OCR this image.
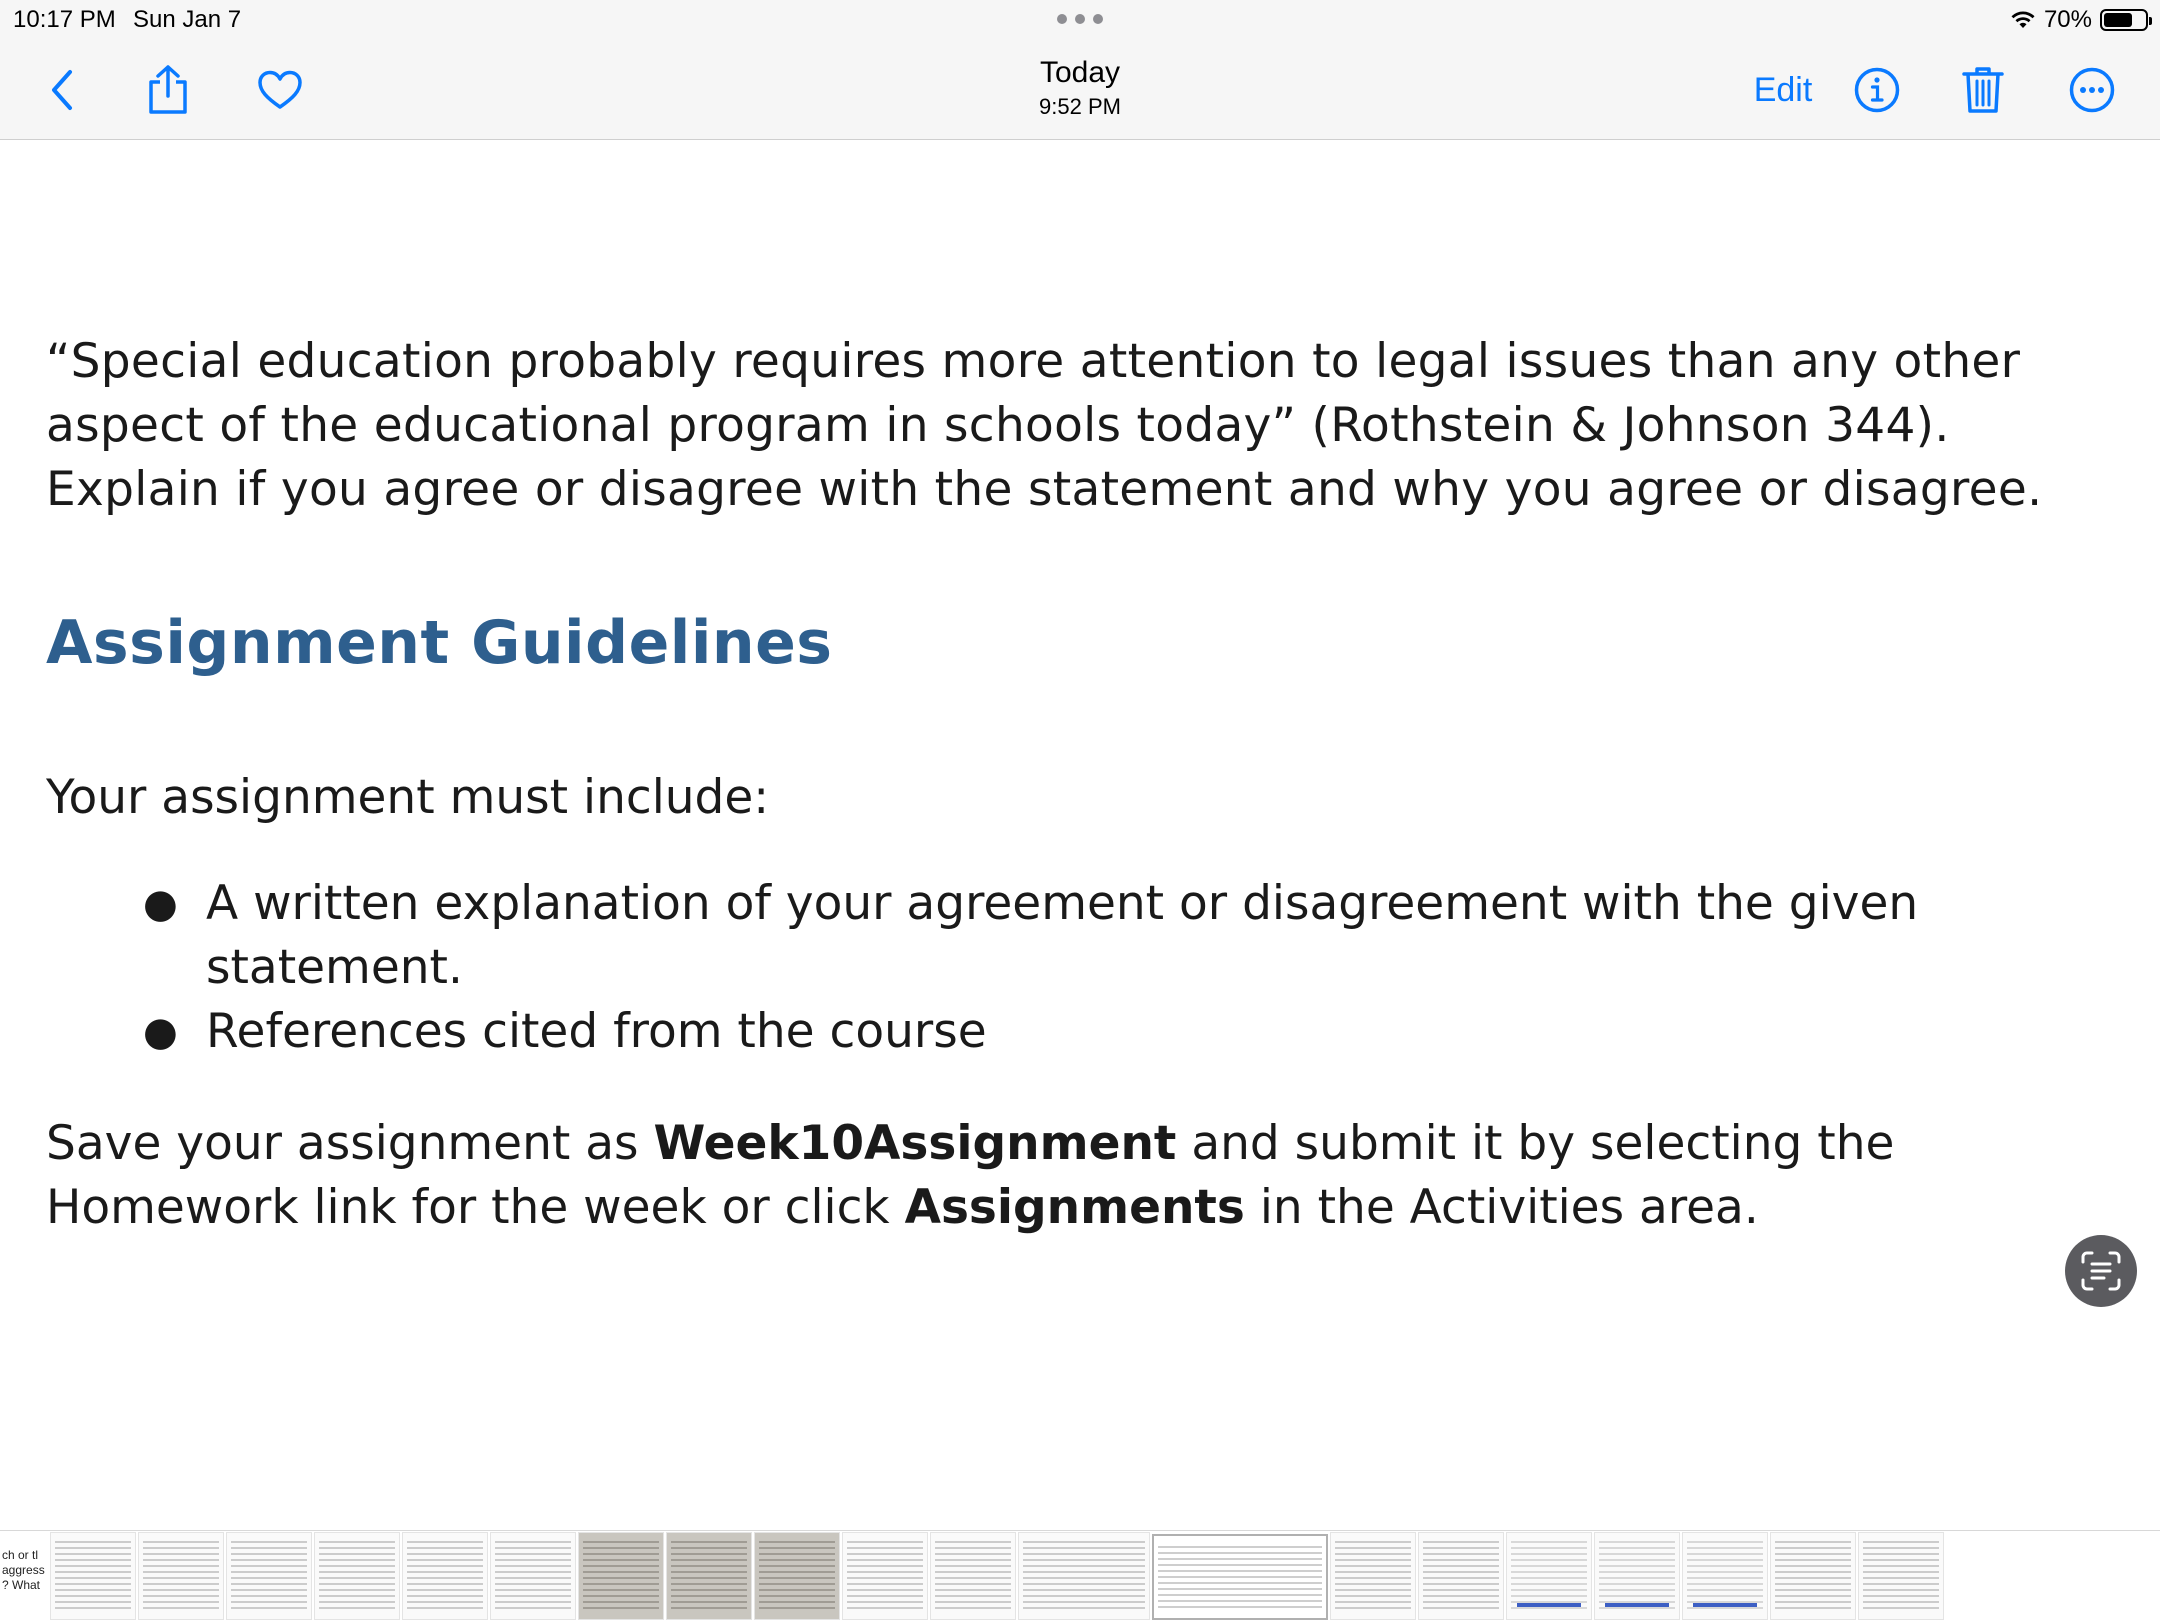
10:17 PM Sun Jan 7	70%
Today
9:52 PM	Edit
“Special education probably requires more attention to legal issues than any other
aspect of the educational program in schools today” (Rothstein & Johnson 344).
Explain if you agree or disagree with the statement and why you agree or disagree.
Assignment Guidelines
Your assignment must include:
● A written explanation of your agreement or disagreement with the given
statement.
● References cited from the course
Save your assignment as Week10Assignment and submit it by selecting the
Homework link for the week or click Assignments in the Activities area.
ch or tl
aggress
? What
